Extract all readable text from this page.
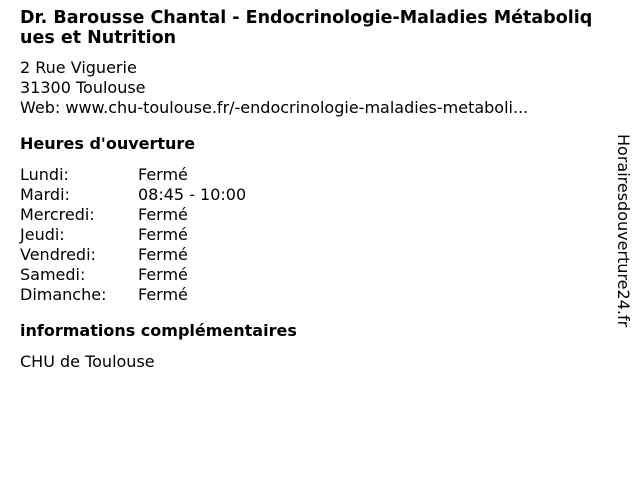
Dr. Barousse Chantal - Endocrinologie-Maladies Métaboliques et Nutrition
2 Rue Viguerie
31300 Toulouse
Web: www.chu-toulouse.fr/-endocrinologie-maladies-metaboli...
Heures d'ouverture
Lundi:	Fermé
Mardi:	08:45 - 10:00
Mercredi:	Fermé
Jeudi:	Fermé
Vendredi:	Fermé
Samedi:	Fermé
Dimanche: Fermé
informations complémentaires
CHU de Toulouse
Horairesdouverture24.fr
